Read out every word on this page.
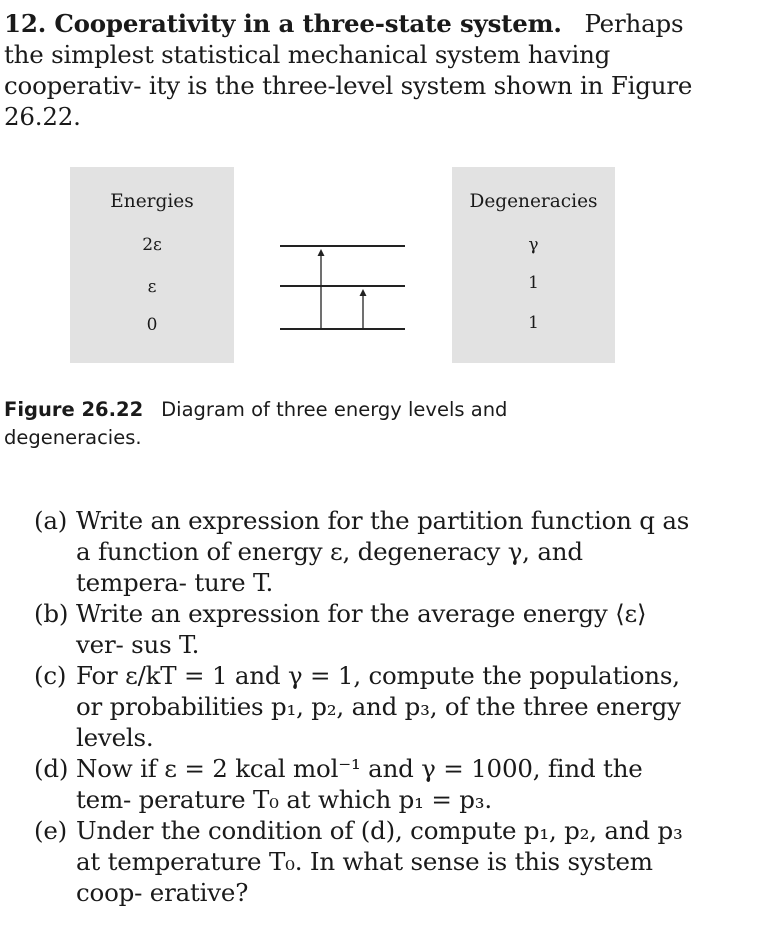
12. Cooperativity in a three-state system. Perhaps the simplest statistical mechanical system having cooperativ- ity is the three-level system shown in Figure 26.22.
Energies
2ε
ε
0
Degeneracies
γ
1
1
Figure 26.22 Diagram of three energy levels and degeneracies.
(a) Write an expression for the partition function q as a function of energy ε, degeneracy γ, and tempera- ture T.
(b) Write an expression for the average energy ⟨ε⟩ ver- sus T.
(c) For ε/kT = 1 and γ = 1, compute the populations, or probabilities p₁, p₂, and p₃, of the three energy levels.
(d) Now if ε = 2 kcal mol⁻¹ and γ = 1000, find the tem- perature T₀ at which p₁ = p₃.
(e) Under the condition of (d), compute p₁, p₂, and p₃ at temperature T₀. In what sense is this system coop- erative?
